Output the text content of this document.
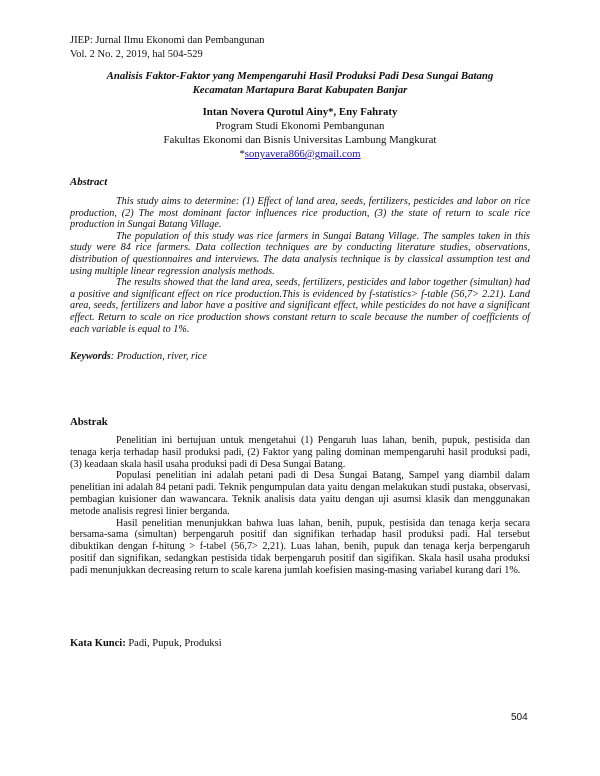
JIEP: Jurnal Ilmu Ekonomi dan Pembangunan
Vol. 2 No. 2, 2019, hal 504-529
Analisis Faktor-Faktor yang Mempengaruhi Hasil Produksi Padi Desa Sungai Batang
Kecamatan Martapura Barat Kabupaten Banjar
Intan Novera Qurotul Ainy*, Eny Fahraty
Program Studi Ekonomi Pembangunan
Fakultas Ekonomi dan Bisnis Universitas Lambung Mangkurat
*sonyavera866@gmail.com
Abstract

This study aims to determine: (1) Effect of land area, seeds, fertilizers, pesticides and labor on rice production, (2) The most dominant factor influences rice production, (3) the state of return to scale rice production in Sungai Batang Village.

The population of this study was rice farmers in Sungai Batang Village. The samples taken in this study were 84 rice farmers. Data collection techniques are by conducting literature studies, observations, distribution of questionnaires and interviews. The data analysis technique is by classical assumption test and using multiple linear regression analysis methods.

The results showed that the land area, seeds, fertilizers, pesticides and labor together (simultan) had a positive and significant effect on rice production.This is evidenced by f-statistics> f-table (56,7> 2.21). Land area, seeds, fertilizers and labor have a positive and significant effect, while pesticides do not have a significant effect. Return to scale on rice production shows constant return to scale because the number of coefficients of each variable is equal to 1%.

Keywords: Production, river, rice
Abstrak

Penelitian ini bertujuan untuk mengetahui (1) Pengaruh luas lahan, benih, pupuk, pestisida dan tenaga kerja terhadap hasil produksi padi, (2) Faktor yang paling dominan mempengaruhi hasil produksi padi, (3) keadaan skala hasil usaha produksi padi di Desa Sungai Batang.

Populasi penelitian ini adalah petani padi di Desa Sungai Batang, Sampel yang diambil dalam penelitian ini adalah 84 petani padi. Teknik pengumpulan data yaitu dengan melakukan studi pustaka, observasi, pembagian kuisioner dan wawancara. Teknik analisis data yaitu dengan uji asumsi klasik dan menggunakan metode analisis regresi linier berganda.

Hasil penelitian menunjukkan bahwa luas lahan, benih, pupuk, pestisida dan tenaga kerja secara bersama-sama (simultan) berpengaruh positif dan signifikan terhadap hasil produksi padi. Hal tersebut dibuktikan dengan f-hitung > f-tabel (56,7> 2,21). Luas lahan, benih, pupuk dan tenaga kerja berpengaruh positif dan signifikan, sedangkan pestisida tidak berpengaruh positif dan sigifikan. Skala hasil usaha produksi padi menunjukkan decreasing return to scale karena jumlah koefisien masing-masing variabel kurang dari 1%.

Kata Kunci: Padi, Pupuk, Produksi
504
